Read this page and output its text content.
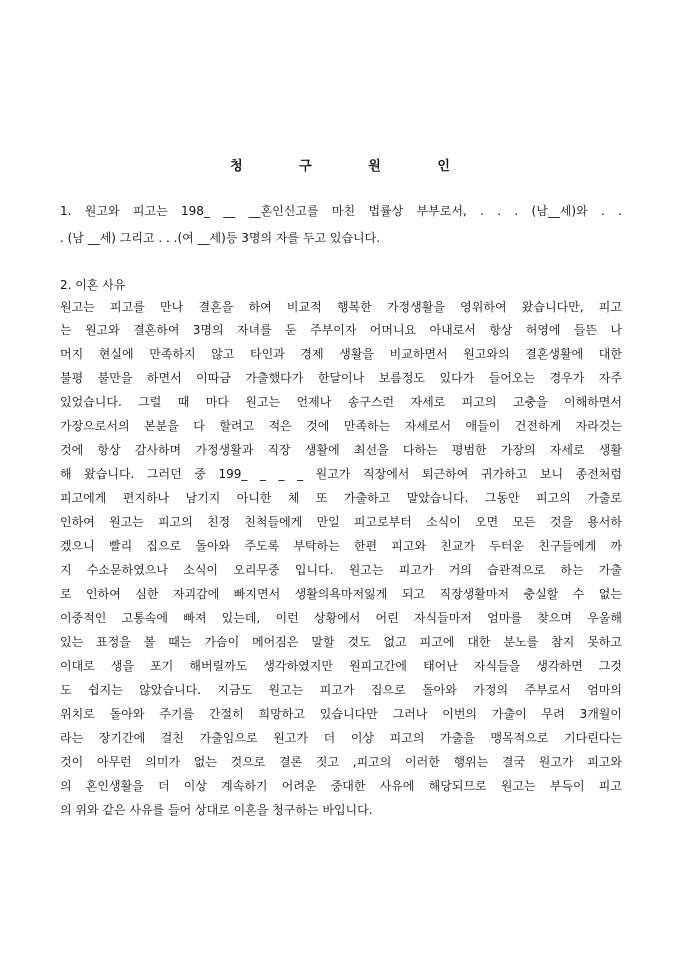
청 구 원 인
1. 원고와 피고는 198_ __ __혼인신고를 마친 법률상 부부로서, . . . (남__세)와 . .
. (남 __세) 그리고 . . .(여 __세)등 3명의 자를 두고 있습니다.
2. 이혼 사유
원고는 피고를 만나 결혼을 하여 비교적 행복한 가정생활을 영위하여 왔습니다만, 피고
는 원고와 결혼하여 3명의 자녀를 둔 주부이자 어머니요 아내로서 항상 허영에 들뜬 나
머지 현실에 만족하지 않고 타인과 경제 생활을 비교하면서 원고와의 결혼생활에 대한
불평 불만을 하면서 이따금 가출했다가 한달이나 보름정도 있다가 들어오는 경우가 자주
있었습니다. 그럴 때 마다 원고는 언제나 송구스런 자세로 피고의 고충을 이해하면서
가장으로서의 본분을 다 할려고 적은 것에 만족하는 자세로서 애들이 건전하게 자라것는
것에 항상 감사하며 가정생활과 직장 생활에 최선을 다하는 평범한 가장의 자세로 생활
해 왔습니다. 그러던 중 199_ _ _ _ 원고가 직장에서 퇴근하여 귀가하고 보니 종전처럼
피고에게 편지하나 남기지 아니한 체 또 가출하고 말았습니다. 그동안 피고의 가출로
인하여 원고는 피고의 친정 친척들에게 만일 피고로부터 소식이 오면 모든 것을 용서하
겠으니 빨리 집으로 돌아와 주도록 부탁하는 한편 피고와 친교가 두터운 친구들에게 까
지 수소문하였으나 소식이 오리무중 입니다. 원고는 피고가 거의 습관적으로 하는 가출
로 인하여 심한 자괴감에 빠지면서 생활의욕마저잃게 되고 직장생활마저 충실할 수 없는
이중적인 고통속에 빠져 있는데, 이런 상황에서 어린 자식들마저 엄마를 찾으며 우울해
있는 표정을 볼 때는 가슴이 메어짐은 말할 것도 없고 피고에 대한 분노를 참지 못하고
이대로 생을 포기 해버릴까도 생각하였지만 원피고간에 태어난 자식들을 생각하면 그것
도 쉽지는 않았습니다. 지금도 원고는 피고가 집으로 돌아와 가정의 주부로서 엄마의
위치로 돌아와 주기를 간절히 희망하고 있습니다만 그러나 이번의 가출이 무려 3개월이
라는 장기간에 걸친 가출임으로 원고가 더 이상 피고의 가출을 맹목적으로 기다린다는
것이 아무런 의미가 없는 것으로 결론 짓고 ,피고의 이러한 행위는 결국 원고가 피고와
의 혼인생활을 더 이상 계속하기 어려운 중대한 사유에 해당되므로 원고는 부득이 피고
의 위와 같은 사유를 들어 상대로 이혼을 청구하는 바입니다.
